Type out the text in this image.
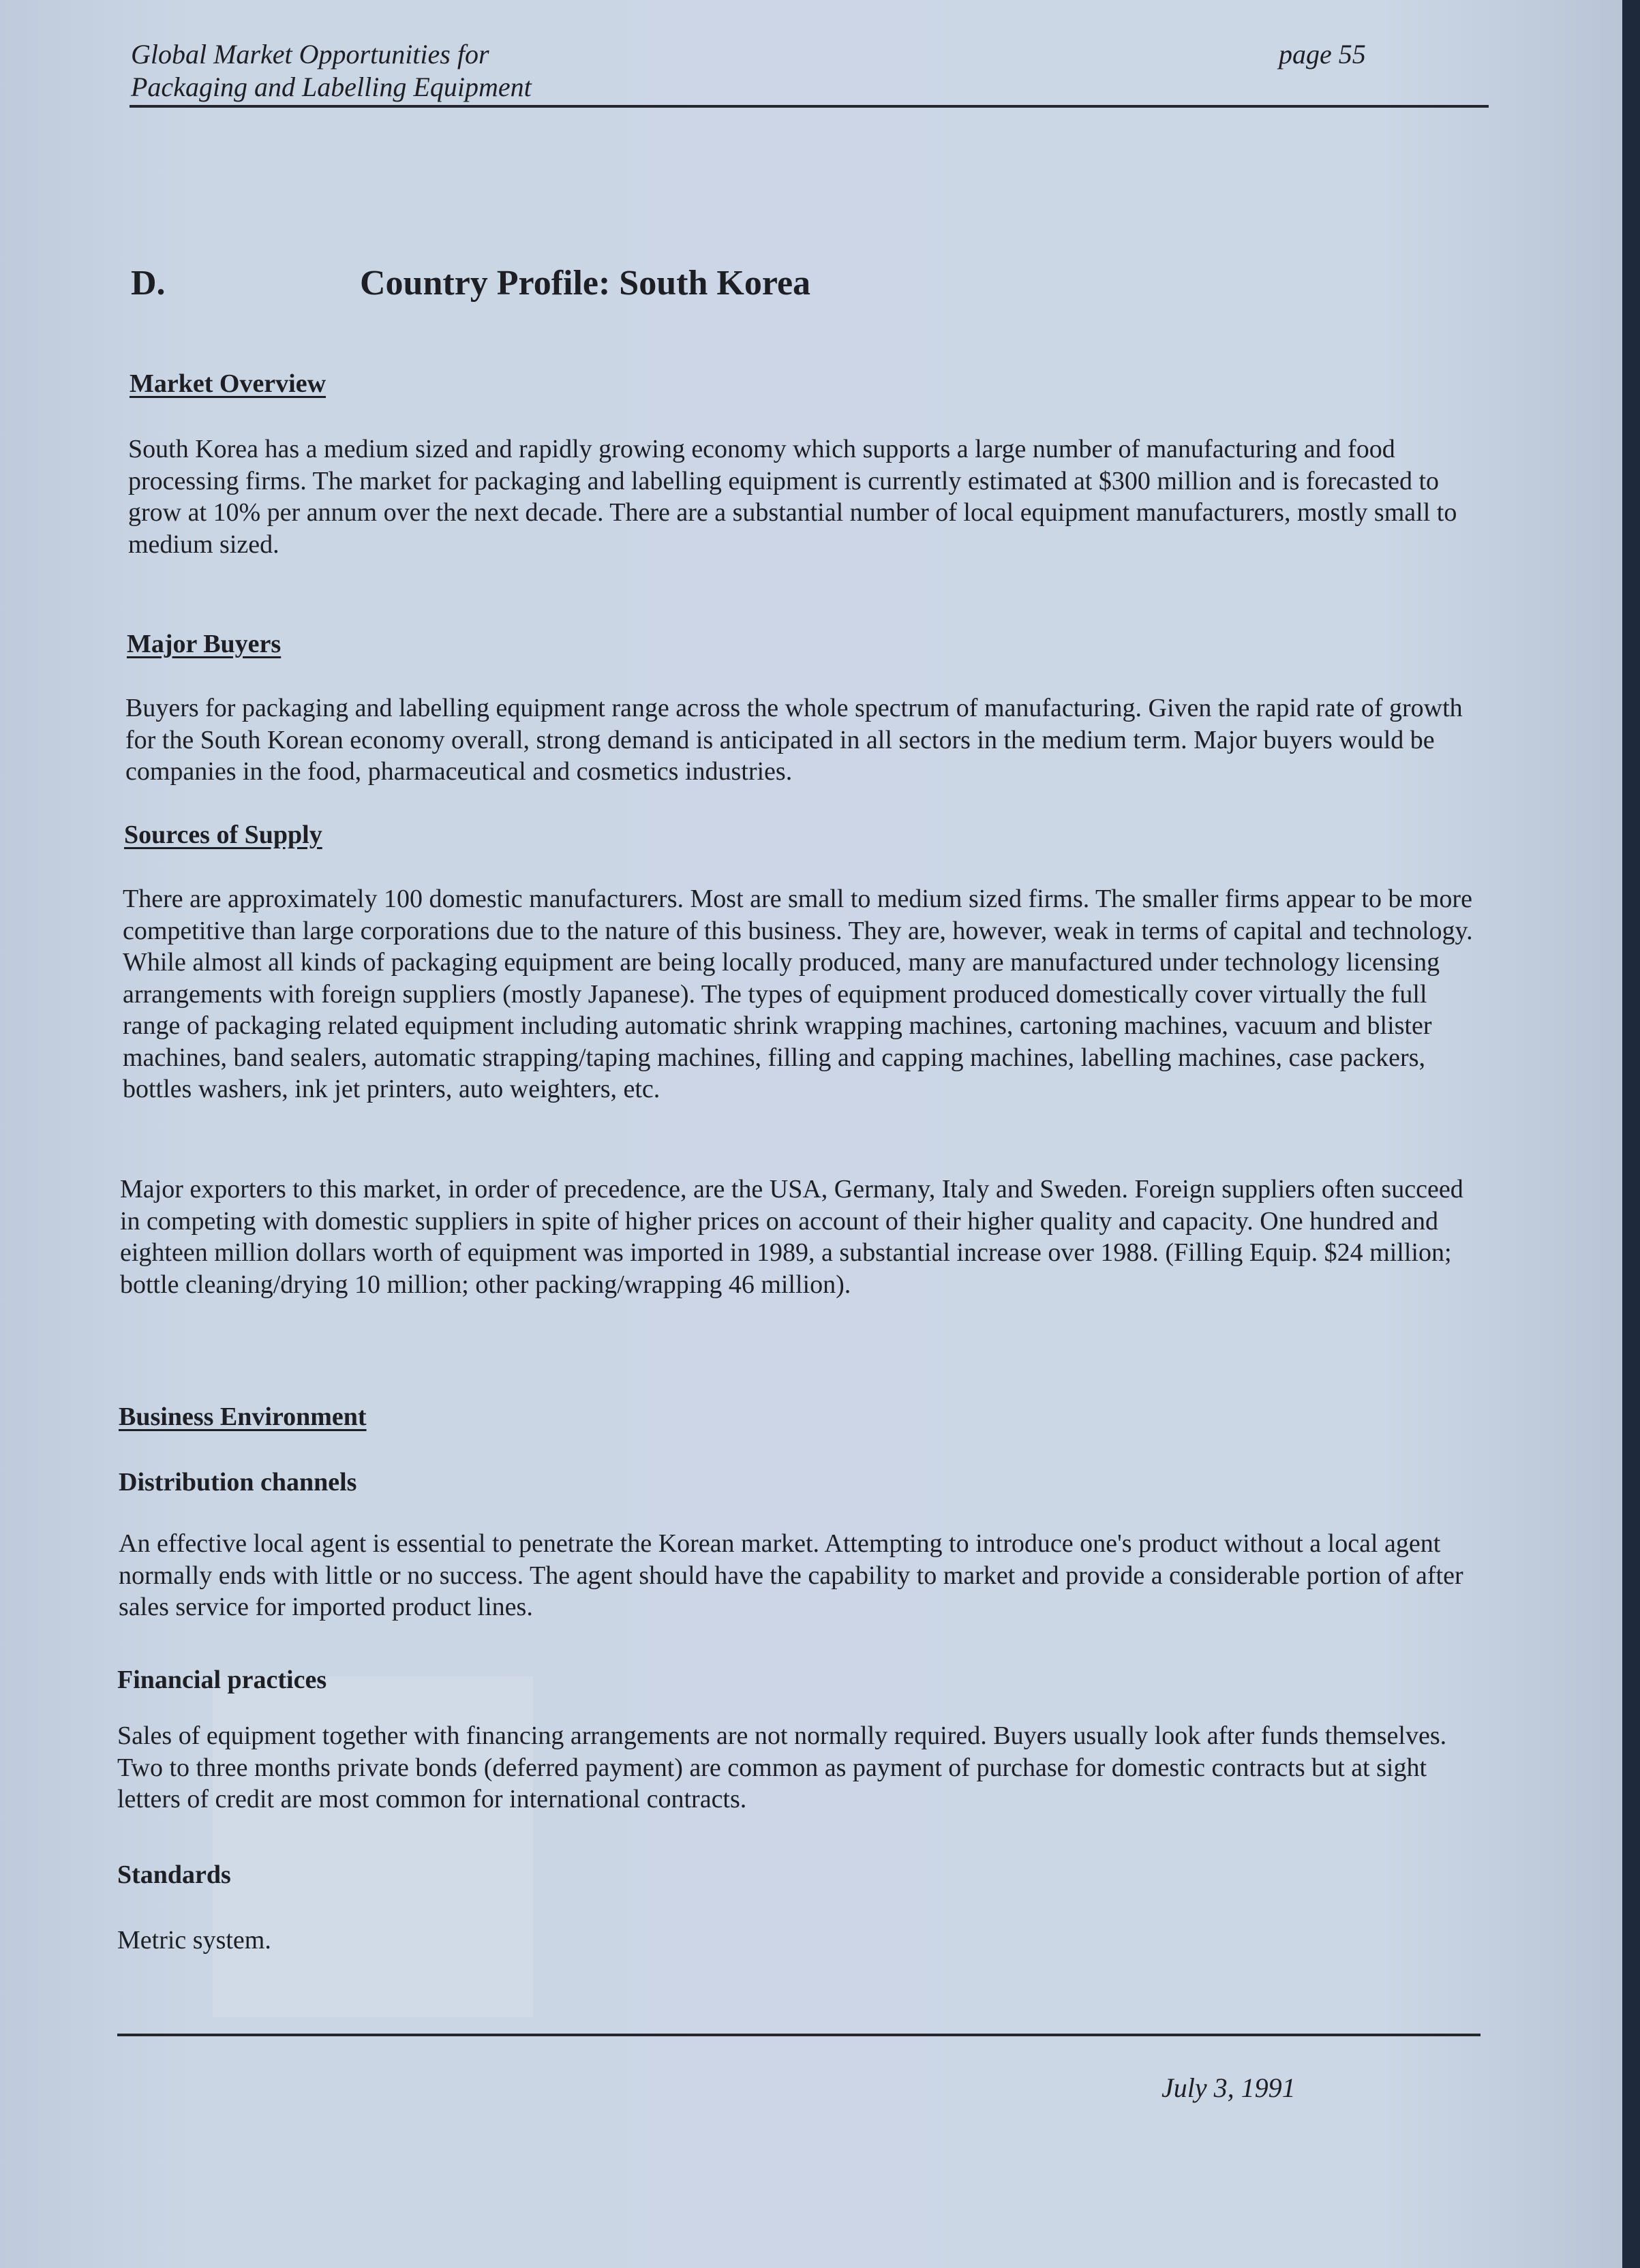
Global Market Opportunities for
Packaging and Labelling Equipment
page 55
D.	Country Profile: South Korea
Market Overview
South Korea has a medium sized and rapidly growing economy which supports a large number of manufacturing and food processing firms. The market for packaging and labelling equipment is currently estimated at $300 million and is forecasted to grow at 10% per annum over the next decade. There are a substantial number of local equipment manufacturers, mostly small to medium sized.
Major Buyers
Buyers for packaging and labelling equipment range across the whole spectrum of manufacturing. Given the rapid rate of growth for the South Korean economy overall, strong demand is anticipated in all sectors in the medium term. Major buyers would be companies in the food, pharmaceutical and cosmetics industries.
Sources of Supply
There are approximately 100 domestic manufacturers. Most are small to medium sized firms. The smaller firms appear to be more competitive than large corporations due to the nature of this business. They are, however, weak in terms of capital and technology. While almost all kinds of packaging equipment are being locally produced, many are manufactured under technology licensing arrangements with foreign suppliers (mostly Japanese). The types of equipment produced domestically cover virtually the full range of packaging related equipment including automatic shrink wrapping machines, cartoning machines, vacuum and blister machines, band sealers, automatic strapping/taping machines, filling and capping machines, labelling machines, case packers, bottles washers, ink jet printers, auto weighters, etc.
Major exporters to this market, in order of precedence, are the USA, Germany, Italy and Sweden. Foreign suppliers often succeed in competing with domestic suppliers in spite of higher prices on account of their higher quality and capacity. One hundred and eighteen million dollars worth of equipment was imported in 1989, a substantial increase over 1988. (Filling Equip. $24 million; bottle cleaning/drying 10 million; other packing/wrapping 46 million).
Business Environment
Distribution channels
An effective local agent is essential to penetrate the Korean market. Attempting to introduce one's product without a local agent normally ends with little or no success. The agent should have the capability to market and provide a considerable portion of after sales service for imported product lines.
Financial practices
Sales of equipment together with financing arrangements are not normally required. Buyers usually look after funds themselves. Two to three months private bonds (deferred payment) are common as payment of purchase for domestic contracts but at sight letters of credit are most common for international contracts.
Standards
Metric system.
July 3, 1991
